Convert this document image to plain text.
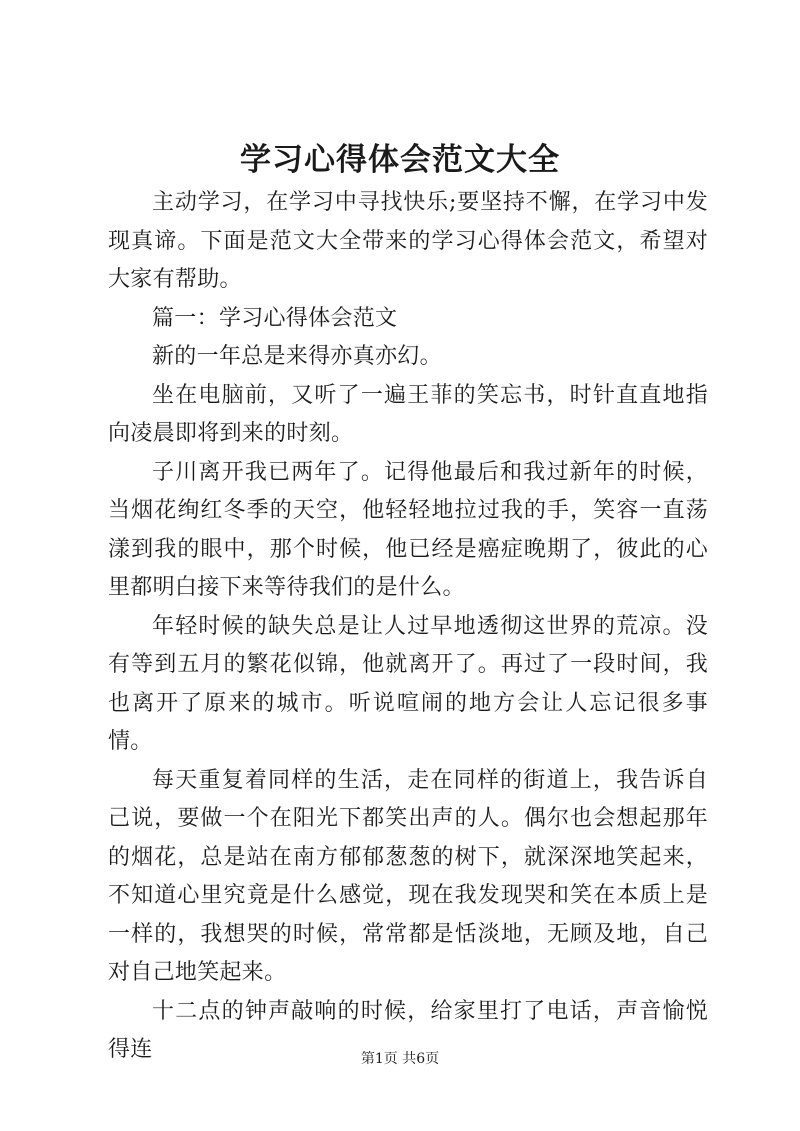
学习心得体会范文大全

主动学习，在学习中寻找快乐;要坚持不懈，在学习中发现真谛。下面是范文大全带来的学习心得体会范文，希望对大家有帮助。

篇一：学习心得体会范文

新的一年总是来得亦真亦幻。

坐在电脑前，又听了一遍王菲的笑忘书，时针直直地指向凌晨即将到来的时刻。

子川离开我已两年了。记得他最后和我过新年的时候，当烟花绚红冬季的天空，他轻轻地拉过我的手，笑容一直荡漾到我的眼中，那个时候，他已经是癌症晚期了，彼此的心里都明白接下来等待我们的是什么。

年轻时候的缺失总是让人过早地透彻这世界的荒凉。没有等到五月的繁花似锦，他就离开了。再过了一段时间，我也离开了原来的城市。听说喧闹的地方会让人忘记很多事情。

每天重复着同样的生活，走在同样的街道上，我告诉自己说，要做一个在阳光下都笑出声的人。偶尔也会想起那年的烟花，总是站在南方郁郁葱葱的树下，就深深地笑起来，不知道心里究竟是什么感觉，现在我发现哭和笑在本质上是一样的，我想哭的时候，常常都是恬淡地，无顾及地，自己对自己地笑起来。

十二点的钟声敲响的时候，给家里打了电话，声音愉悦得连	第1页 共6页
